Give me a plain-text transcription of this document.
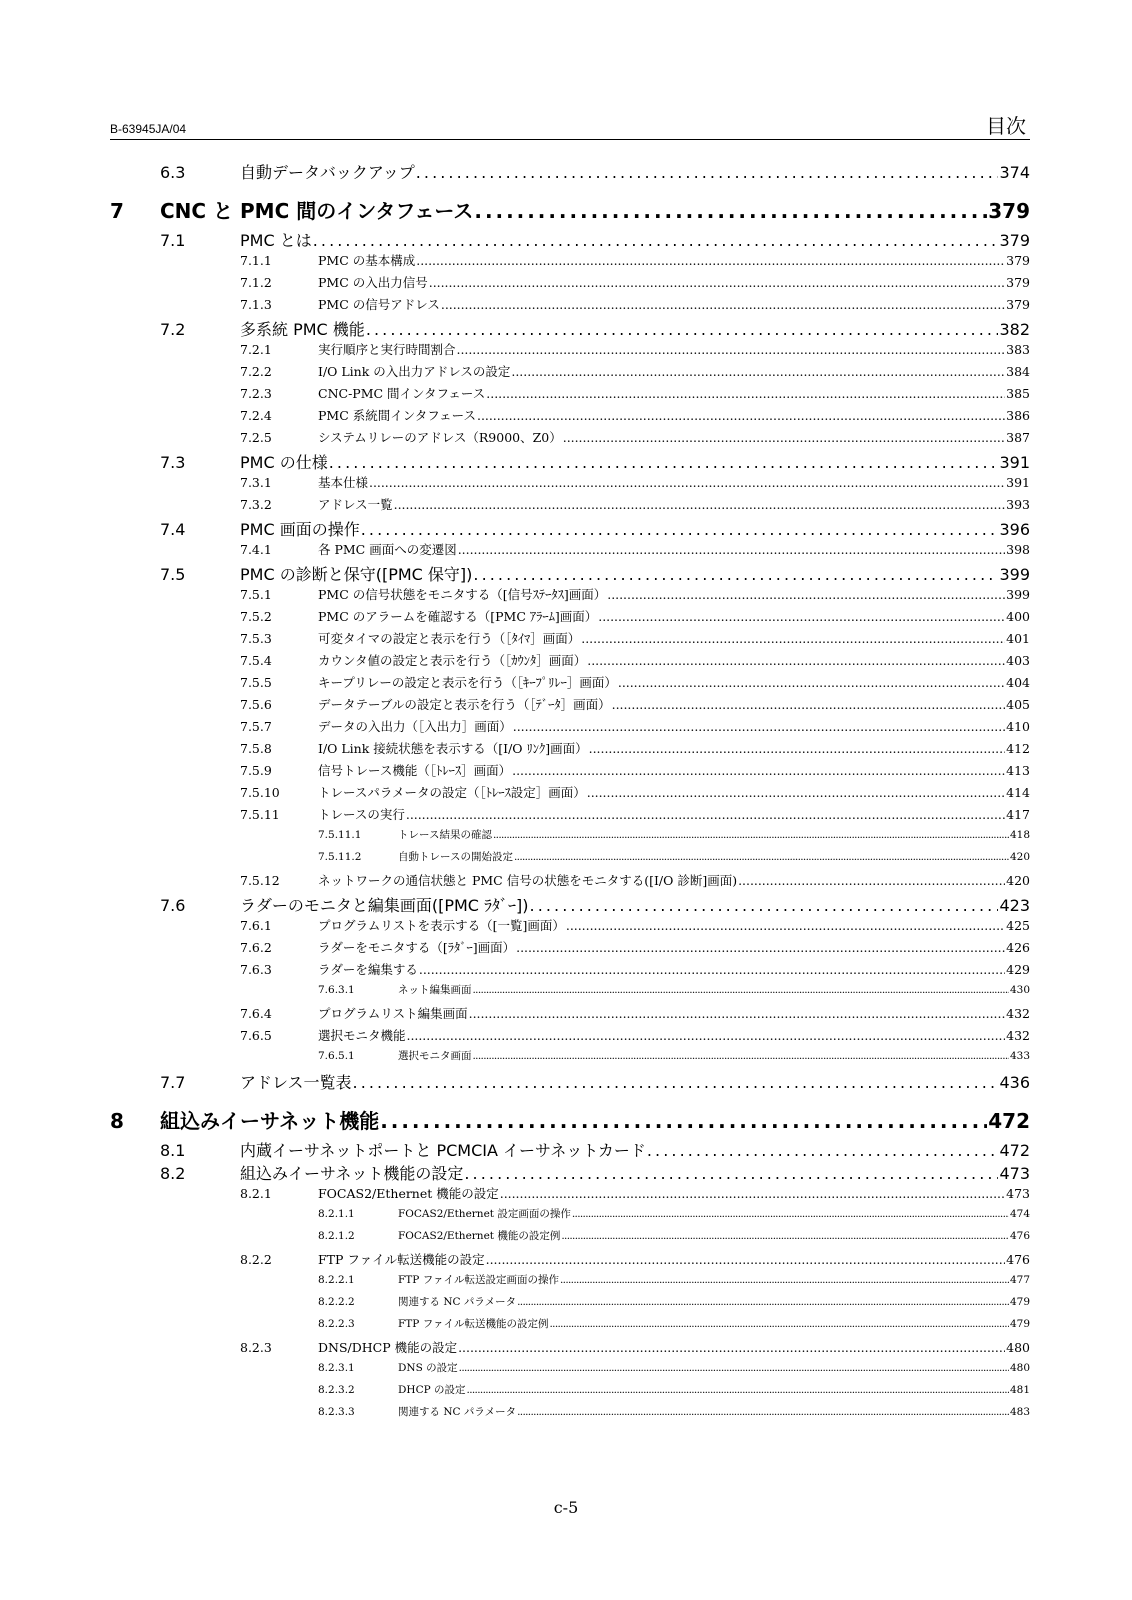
B-63945JA/04	目次
6.3	自動データバックアップ . . .	374
7	CNC と PMC 間のインタフェース . . .	379
7.1	PMC とは . . .	379
7.1.1	PMC の基本構成 . . .	379
7.1.2	PMC の入出力信号 . . .	379
7.1.3	PMC の信号アドレス . . .	379
7.2	多系統 PMC 機能 . . .	382
7.2.1	実行順序と実行時間割合 . . .	383
7.2.2	I/O Link の入出力アドレスの設定 . . .	384
7.2.3	CNC-PMC 間インタフェース . . .	385
7.2.4	PMC 系統間インタフェース . . .	386
7.2.5	システムリレーのアドレス（R9000、Z0） . . .	387
7.3	PMC の仕様 . . .	391
7.3.1	基本仕様 . . .	391
7.3.2	アドレス一覧 . . .	393
7.4	PMC 画面の操作 . . .	396
7.4.1	各 PMC 画面への変遷図 . . .	398
7.5	PMC の診断と保守([PMC 保守]) . . .	399
7.5.1	PMC の信号状態をモニタする（[信号ｽﾃｰﾀｽ]画面） . . .	399
7.5.2	PMC のアラームを確認する（[PMC ｱﾗｰﾑ]画面） . . .	400
7.5.3	可変タイマの設定と表示を行う（［ﾀｲﾏ］画面） . . .	401
7.5.4	カウンタ値の設定と表示を行う（［ｶｳﾝﾀ］画面） . . .	403
7.5.5	キープリレーの設定と表示を行う（［ｷｰﾌﾟﾘﾚｰ］画面） . . .	404
7.5.6	データテーブルの設定と表示を行う（［ﾃﾞｰﾀ］画面） . . .	405
7.5.7	データの入出力（［入出力］画面） . . .	410
7.5.8	I/O Link 接続状態を表示する（[I/O ﾘﾝｸ]画面） . . .	412
7.5.9	信号トレース機能（［ﾄﾚｰｽ］画面） . . .	413
7.5.10	トレースパラメータの設定（［ﾄﾚｰｽ設定］画面） . . .	414
7.5.11	トレースの実行 . . .	417
7.5.11.1	トレース結果の確認 . . .	418
7.5.11.2	自動トレースの開始設定 . . .	420
7.5.12	ネットワークの通信状態と PMC 信号の状態をモニタする([I/O 診断]画面) . . .	420
7.6	ラダーのモニタと編集画面([PMC ﾗﾀﾞｰ]) . . .	423
7.6.1	プログラムリストを表示する（[一覧]画面） . . .	425
7.6.2	ラダーをモニタする（[ﾗﾀﾞｰ]画面） . . .	426
7.6.3	ラダーを編集する . . .	429
7.6.3.1	ネット編集画面 . . .	430
7.6.4	プログラムリスト編集画面 . . .	432
7.6.5	選択モニタ機能 . . .	432
7.6.5.1	選択モニタ画面 . . .	433
7.7	アドレス一覧表 . . .	436
8	組込みイーサネット機能 . . .	472
8.1	内蔵イーサネットポートと PCMCIA イーサネットカード . . .	472
8.2	組込みイーサネット機能の設定 . . .	473
8.2.1	FOCAS2/Ethernet 機能の設定 . . .	473
8.2.1.1	FOCAS2/Ethernet 設定画面の操作 . . .	474
8.2.1.2	FOCAS2/Ethernet 機能の設定例 . . .	476
8.2.2	FTP ファイル転送機能の設定 . . .	476
8.2.2.1	FTP ファイル転送設定画面の操作 . . .	477
8.2.2.2	関連する NC パラメータ . . .	479
8.2.2.3	FTP ファイル転送機能の設定例 . . .	479
8.2.3	DNS/DHCP 機能の設定 . . .	480
8.2.3.1	DNS の設定 . . .	480
8.2.3.2	DHCP の設定 . . .	481
8.2.3.3	関連する NC パラメータ . . .	483
c-5
